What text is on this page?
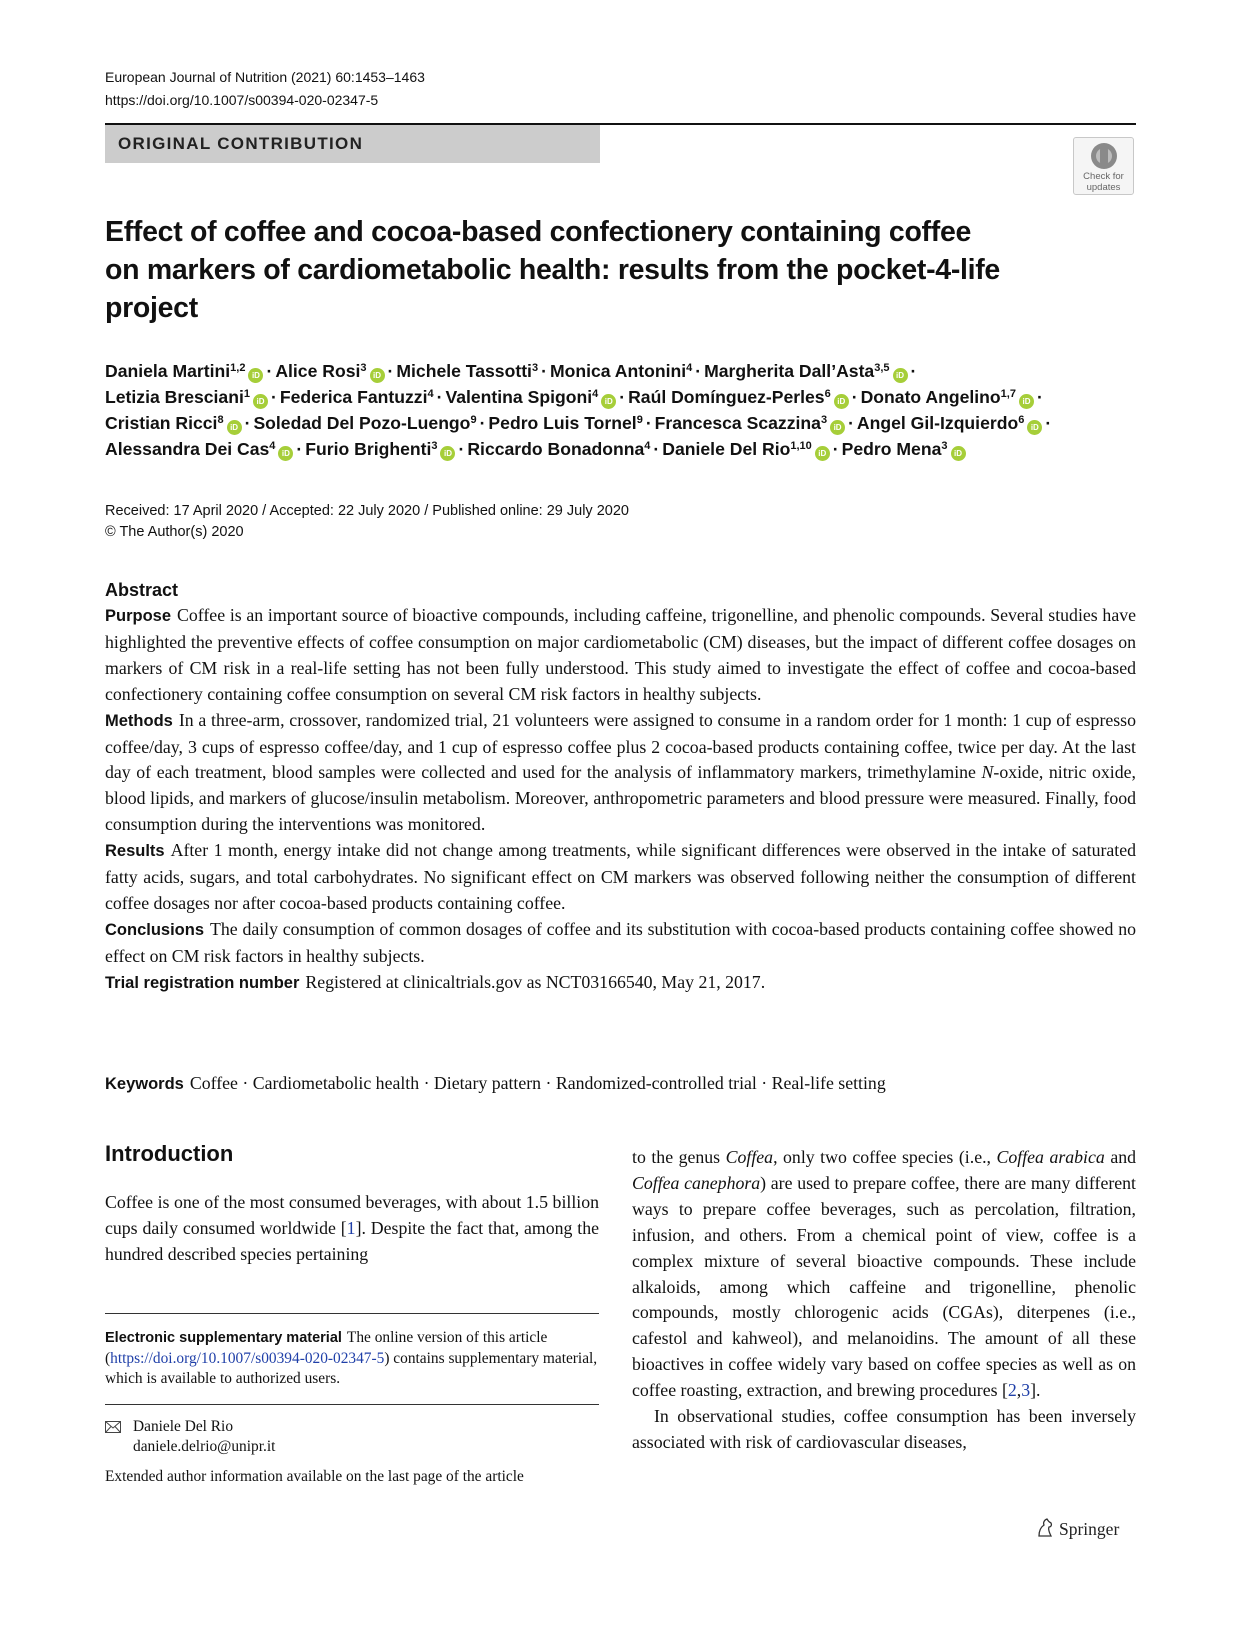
European Journal of Nutrition (2021) 60:1453–1463
https://doi.org/10.1007/s00394-020-02347-5
ORIGINAL CONTRIBUTION
Check for
updates
Effect of coffee and cocoa-based confectionery containing coffee
on markers of cardiometabolic health: results from the pocket-4-life
project
Daniela Martini$^{1,2}$iD · Alice Rosi$^3$iD · Michele Tassotti$^3$ · Monica Antonini$^4$ · Margherita Dall’Asta$^{3,5}$iD ·
Letizia Bresciani$^1$iD · Federica Fantuzzi$^4$ · Valentina Spigoni$^4$iD · Raúl Domínguez-Perles$^6$iD · Donato Angelino$^{1,7}$iD ·
Cristian Ricci$^8$iD · Soledad Del Pozo-Luengo$^9$ · Pedro Luis Tornel$^9$ · Francesca Scazzina$^3$iD · Angel Gil-Izquierdo$^6$iD ·
Alessandra Dei Cas$^4$iD · Furio Brighenti$^3$iD · Riccardo Bonadonna$^4$ · Daniele Del Rio$^{1,10}$iD · Pedro Mena$^3$iD
Received: 17 April 2020 / Accepted: 22 July 2020 / Published online: 29 July 2020
© The Author(s) 2020
Abstract

Purpose Coffee is an important source of bioactive compounds, including caffeine, trigonelline, and phenolic compounds. Several studies have highlighted the preventive effects of coffee consumption on major cardiometabolic (CM) diseases, but the impact of different coffee dosages on markers of CM risk in a real-life setting has not been fully understood. This study aimed to investigate the effect of coffee and cocoa-based confectionery containing coffee consumption on several CM risk factors in healthy subjects.

Methods In a three-arm, crossover, randomized trial, 21 volunteers were assigned to consume in a random order for 1 month: 1 cup of espresso coffee/day, 3 cups of espresso coffee/day, and 1 cup of espresso coffee plus 2 cocoa-based products containing coffee, twice per day. At the last day of each treatment, blood samples were collected and used for the analysis of inflammatory markers, trimethylamine N-oxide, nitric oxide, blood lipids, and markers of glucose/insulin metabolism. Moreover, anthropometric parameters and blood pressure were measured. Finally, food consumption during the interventions was monitored.

Results After 1 month, energy intake did not change among treatments, while significant differences were observed in the intake of saturated fatty acids, sugars, and total carbohydrates. No significant effect on CM markers was observed following neither the consumption of different coffee dosages nor after cocoa-based products containing coffee.

Conclusions The daily consumption of common dosages of coffee and its substitution with cocoa-based products containing coffee showed no effect on CM risk factors in healthy subjects.

Trial registration number Registered at clinicaltrials.gov as NCT03166540, May 21, 2017.

Keywords Coffee · Cardiometabolic health · Dietary pattern · Randomized-controlled trial · Real-life setting
Introduction

Coffee is one of the most consumed beverages, with about 1.5 billion cups daily consumed worldwide [1]. Despite the fact that, among the hundred described species pertaining

Electronic supplementary material The online version of this article (https://doi.org/10.1007/s00394-020-02347-5) contains supplementary material, which is available to authorized users.

Daniele Del Rio

daniele.delrio@unipr.it

Extended author information available on the last page of the article

to the genus Coffea, only two coffee species (i.e., Coffea arabica and Coffea canephora) are used to prepare coffee, there are many different ways to prepare coffee beverages, such as percolation, filtration, infusion, and others. From a chemical point of view, coffee is a complex mixture of several bioactive compounds. These include alkaloids, among which caffeine and trigonelline, phenolic compounds, mostly chlorogenic acids (CGAs), diterpenes (i.e., cafestol and kahweol), and melanoidins. The amount of all these bioactives in coffee widely vary based on coffee species as well as on coffee roasting, extraction, and brewing procedures [2,3].

In observational studies, coffee consumption has been inversely associated with risk of cardiovascular diseases,

Springer
